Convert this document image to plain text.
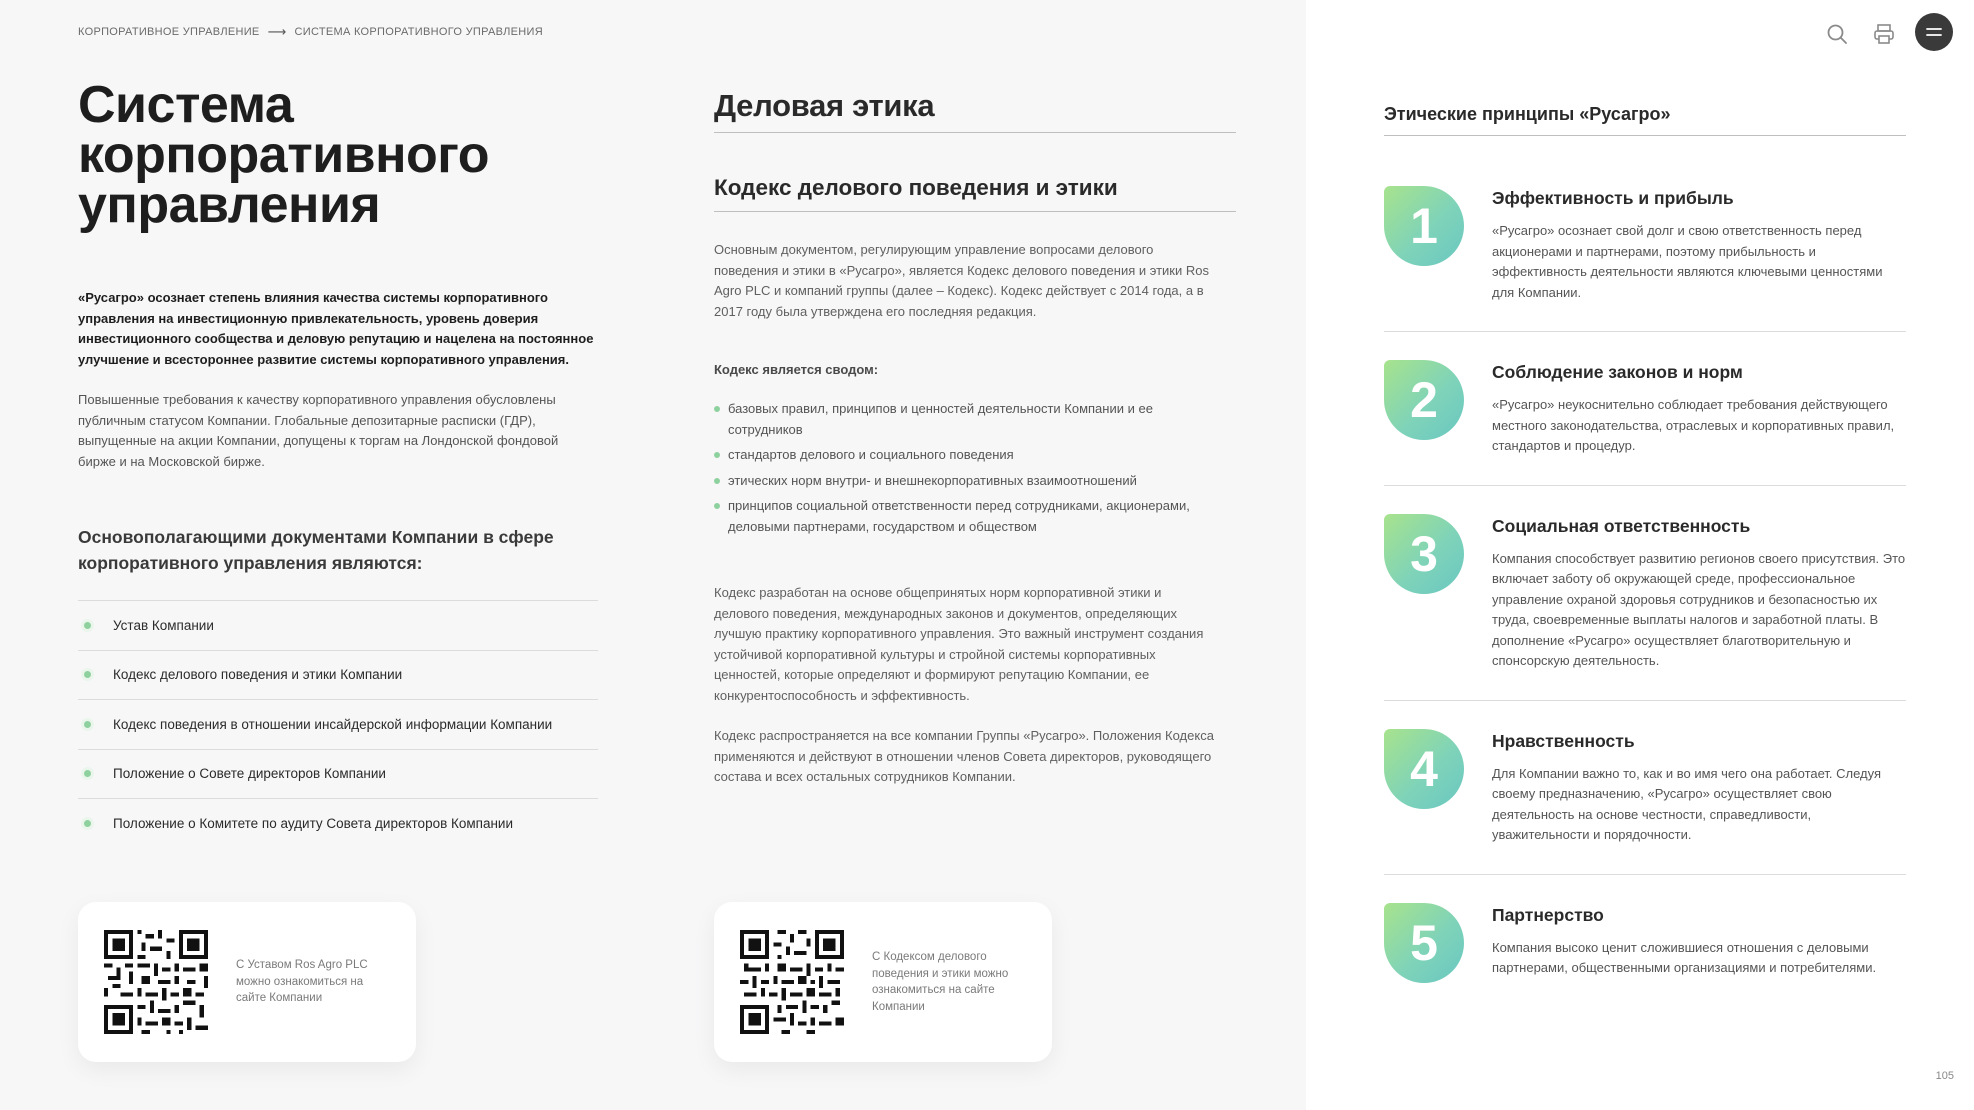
КОРПОРАТИВНОЕ УПРАВЛЕНИЕ ⟶ СИСТЕМА КОРПОРАТИВНОГО УПРАВЛЕНИЯ
Система
корпоративного
управления

«Русагро» осознает степень влияния качества системы корпоративного управления на инвестиционную привлекательность, уровень доверия инвестиционного сообщества и деловую репутацию и нацелена на постоянное улучшение и всестороннее развитие системы корпоративного управления.

Повышенные требования к качеству корпоративного управления обусловлены публичным статусом Компании. Глобальные депозитарные расписки (ГДР), выпущенные на акции Компании, допущены к торгам на Лондонской фондовой бирже и на Московской бирже.

Основополагающими документами Компании в сфере корпоративного управления являются:
Устав Компании
Кодекс делового поведения и этики Компании
Кодекс поведения в отношении инсайдерской информации Компании
Положение о Совете директоров Компании
Положение о Комитете по аудиту Совета директоров Компании

С Уставом Ros Agro PLC можно ознакомиться на сайте Компании

Деловая этика
Кодекс делового поведения и этики

Основным документом, регулирующим управление вопросами делового поведения и этики в «Русагро», является Кодекс делового поведения и этики Ros Agro PLC и компаний группы (далее – Кодекс). Кодекс действует с 2014 года, а в 2017 году была утверждена его последняя редакция.

Кодекс является сводом:

базовых правил, принципов и ценностей деятельности Компании и ее сотрудников
стандартов делового и социального поведения
этических норм внутри- и внешнекорпоративных взаимоотношений
принципов социальной ответственности перед сотрудниками, акционерами, деловыми партнерами, государством и обществом

Кодекс разработан на основе общепринятых норм корпоративной этики и делового поведения, международных законов и документов, определяющих лучшую практику корпоративного управления. Это важный инструмент создания устойчивой корпоративной культуры и стройной системы корпоративных ценностей, которые определяют и формируют репутацию Компании, ее конкурентоспособность и эффективность.

Кодекс распространяется на все компании Группы «Русагро». Положения Кодекса применяются и действуют в отношении членов Совета директоров, руководящего состава и всех остальных сотрудников Компании.

С Кодексом делового поведения и этики можно ознакомиться на сайте Компании

Этические принципы «Русагро»
1	Эффективность и прибыль

«Русагро» осознает свой долг и свою ответственность перед акционерами и партнерами, поэтому прибыльность и эффективность деятельности являются ключевыми ценностями для Компании.

2	Соблюдение законов и норм

«Русагро» неукоснительно соблюдает требования действующего местного законодательства, отраслевых и корпоративных правил, стандартов и процедур.

3	Социальная ответственность

Компания способствует развитию регионов своего присутствия. Это включает заботу об окружающей среде, профессиональное управление охраной здоровья сотрудников и безопасностью их труда, своевременные выплаты налогов и заработной платы. В дополнение «Русагро» осуществляет благотворительную и спонсорскую деятельность.

4	Нравственность

Для Компании важно то, как и во имя чего она работает. Следуя своему предназначению, «Русагро» осуществляет свою деятельность на основе честности, справедливости, уважительности и порядочности.

5	Партнерство

Компания высоко ценит сложившиеся отношения с деловыми партнерами, общественными организациями и потребителями.

105
